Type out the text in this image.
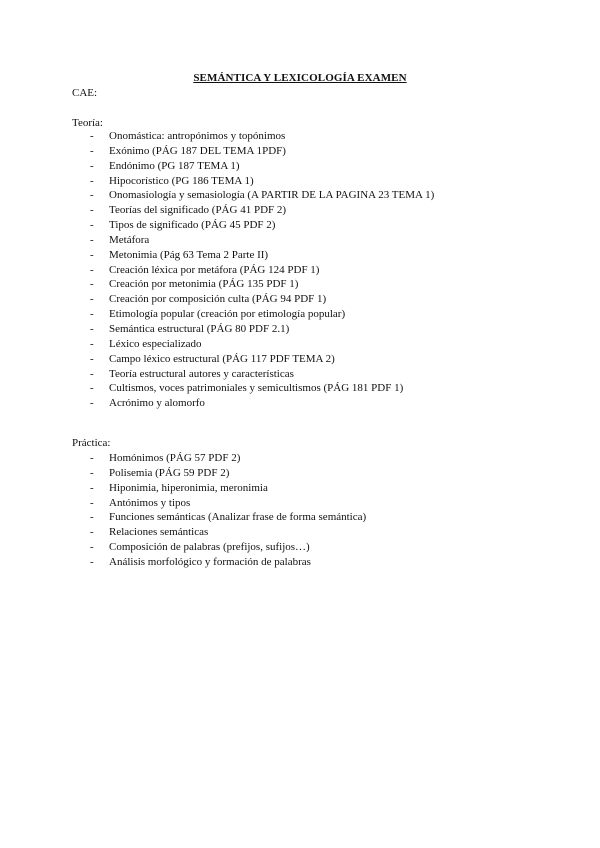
SEMÁNTICA Y LEXICOLOGÍA EXAMEN
CAE:
Teoría:
- Onomástica: antropónimos y topónimos
- Exónimo (PÁG 187 DEL TEMA 1PDF)
- Endónimo (PG 187 TEMA 1)
- Hipocorístico (PG 186 TEMA 1)
- Onomasiología y semasiología (A PARTIR DE LA PAGINA 23 TEMA 1)
- Teorías del significado (PÁG 41 PDF 2)
- Tipos de significado (PÁG 45 PDF 2)
- Metáfora
- Metonimia (Pág 63 Tema 2 Parte II)
- Creación léxica por metáfora (PÁG 124 PDF 1)
- Creación por metonimia (PÁG 135 PDF 1)
- Creación por composición culta (PÁG 94 PDF 1)
- Etimología popular (creación por etimología popular)
- Semántica estructural (PÁG 80 PDF 2.1)
- Léxico especializado
- Campo léxico estructural (PÁG 117 PDF TEMA 2)
- Teoría estructural autores y características
- Cultismos, voces patrimoniales y semicultismos (PÁG 181 PDF 1)
- Acrónimo y alomorfo
Práctica:
- Homónimos (PÁG 57 PDF 2)
- Polisemia (PÁG 59 PDF 2)
- Hiponimia, hiperonimia, meronimia
- Antónimos y tipos
- Funciones semánticas (Analizar frase de forma semántica)
- Relaciones semánticas
- Composición de palabras (prefijos, sufijos…)
- Análisis morfológico y formación de palabras
